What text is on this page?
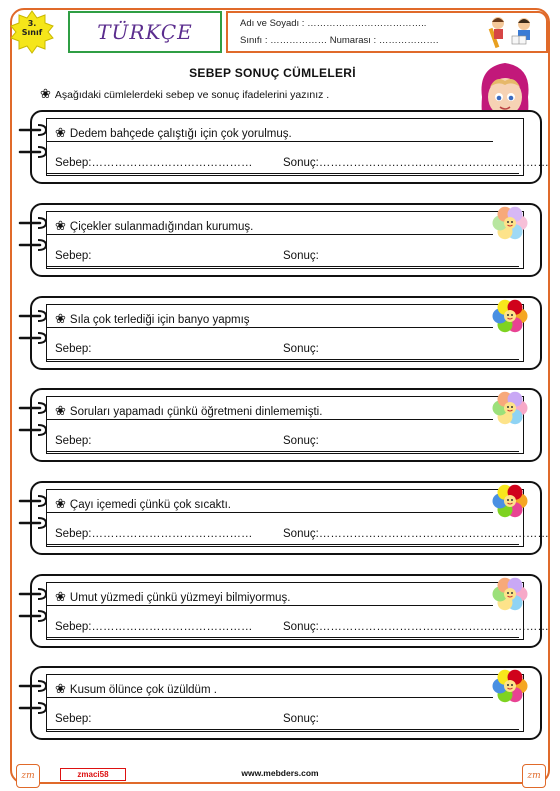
3.
Sınıf	TÜRKÇE	Adı ve Soyadı : ………………………………..
Sınıfı : ……………… Numarası : ……………….
SEBEP SONUÇ CÜMLELERİ
❀ Aşağıdaki cümlelerdeki sebep ve sonuç ifadelerini yazınız .
zm	zm
zmaci58	www.mebders.com
❀ Dedem bahçede çalıştığı için çok yorulmuş.
Sebep:……………………………………	Sonuç:……………………………………………………
❀ Çiçekler sulanmadığından kurumuş.
Sebep:	Sonuç:
❀ Sıla çok terlediği için banyo yapmış
Sebep:	Sonuç:
❀ Soruları yapamadı çünkü öğretmeni dinlememişti.
Sebep:	Sonuç:
❀ Çayı içemedi çünkü çok sıcaktı.
Sebep:……………………………………	Sonuç:……………………………………………………
❀ Umut yüzmedi çünkü yüzmeyi bilmiyormuş.
Sebep:……………………………………	Sonuç:……………………………………………………
❀ Kusum ölünce çok üzüldüm .
Sebep:	Sonuç:
